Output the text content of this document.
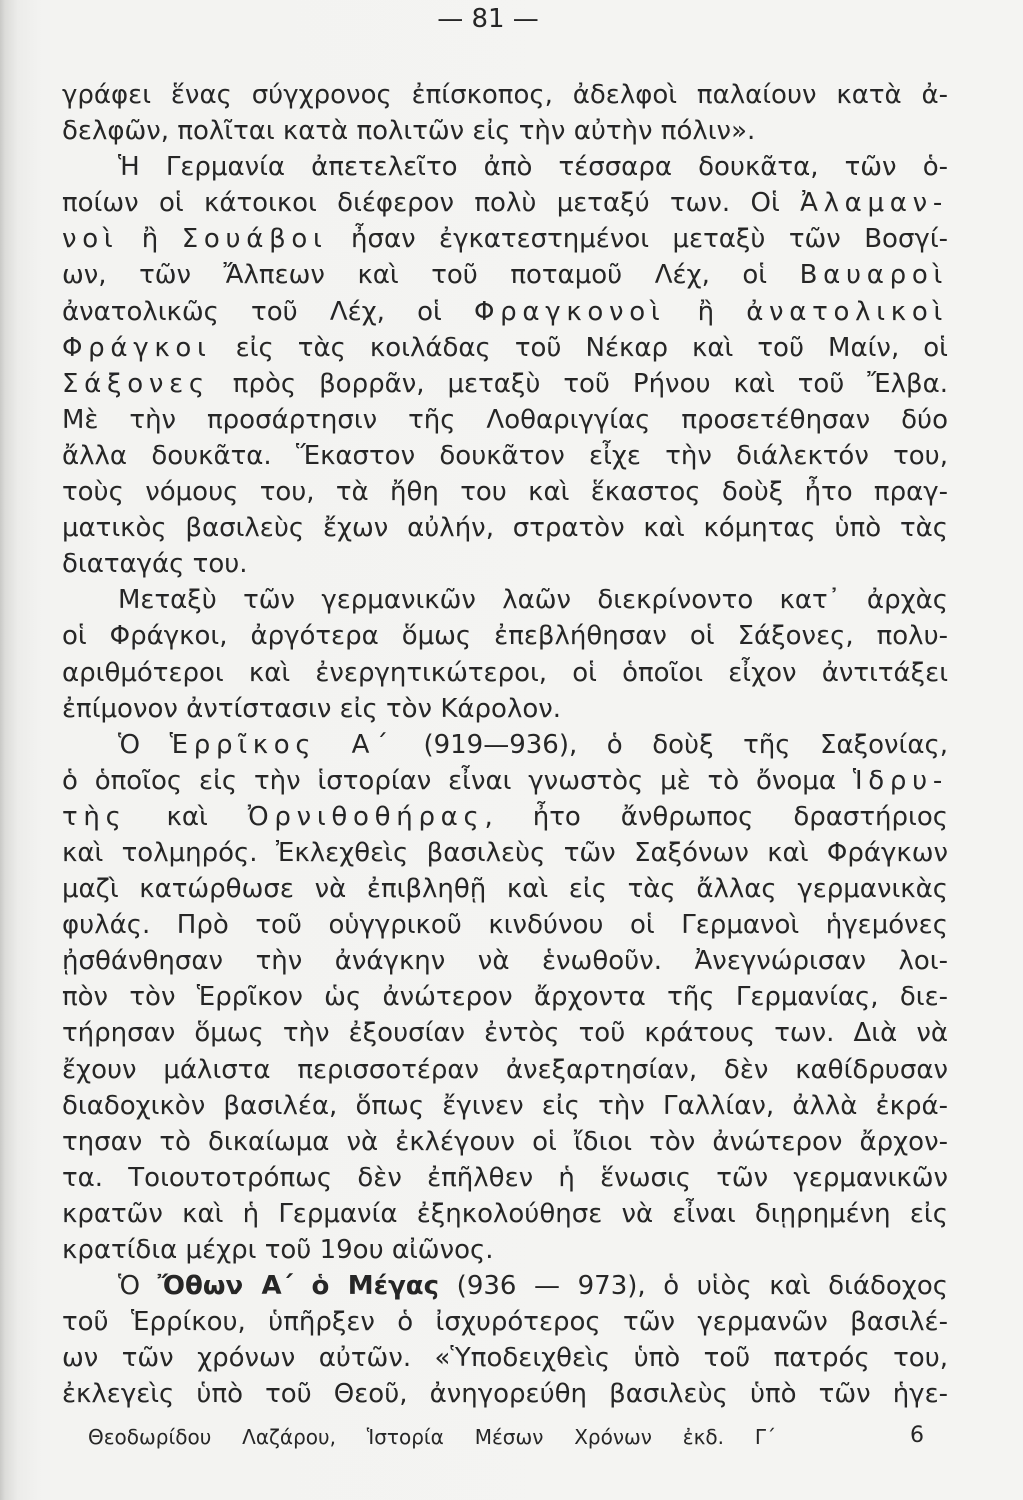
— 81 —
γράφει ἕνας σύγχρονος ἐπίσκοπος, ἀδελφοὶ παλαίουν κατὰ ἀ-
δελφῶν, πολῖται κατὰ πολιτῶν εἰς τὴν αὐτὴν πόλιν».
Ἡ Γερμανία ἀπετελεῖτο ἀπὸ τέσσαρα δουκᾶτα, τῶν ὁ-
ποίων οἱ κάτοικοι διέφερον πολὺ μεταξύ των. Οἱ Ἀλαμαν-
νοὶ ἢ Σουάβοι ἦσαν ἐγκατεστημένοι μεταξὺ τῶν Βοσγί-
ων, τῶν Ἄλπεων καὶ τοῦ ποταμοῦ Λέχ, οἱ Βαυαροὶ
ἀνατολικῶς τοῦ Λέχ, οἱ Φραγκονοὶ ἢ ἀνατολικοὶ
Φράγκοι εἰς τὰς κοιλάδας τοῦ Νέκαρ καὶ τοῦ Μαίν, οἱ
Σάξονες πρὸς βορρᾶν, μεταξὺ τοῦ Ρήνου καὶ τοῦ Ἔλβα.
Μὲ τὴν προσάρτησιν τῆς Λοθαριγγίας προσετέθησαν δύο
ἄλλα δουκᾶτα. Ἕκαστον δουκᾶτον εἶχε τὴν διάλεκτόν του,
τοὺς νόμους του, τὰ ἤθη του καὶ ἕκαστος δοὺξ ἦτο πραγ-
ματικὸς βασιλεὺς ἔχων αὐλήν, στρατὸν καὶ κόμητας ὑπὸ τὰς
διαταγάς του.
Μεταξὺ τῶν γερμανικῶν λαῶν διεκρίνοντο κατ᾿ ἀρχὰς
οἱ Φράγκοι, ἀργότερα ὅμως ἐπεβλήθησαν οἱ Σάξονες, πολυ-
αριθμότεροι καὶ ἐνεργητικώτεροι, οἱ ὁποῖοι εἶχον ἀντιτάξει
ἐπίμονον ἀντίστασιν εἰς τὸν Κάρολον.
Ὁ Ἑρρῖκος Α΄ (919—936), ὁ δοὺξ τῆς Σαξονίας,
ὁ ὁποῖος εἰς τὴν ἱστορίαν εἶναι γνωστὸς μὲ τὸ ὄνομα Ἱδρυ-
τὴς καὶ Ὀρνιθοθήρας, ἦτο ἄνθρωπος δραστήριος
καὶ τολμηρός. Ἐκλεχθεὶς βασιλεὺς τῶν Σαξόνων καὶ Φράγκων
μαζὶ κατώρθωσε νὰ ἐπιβληθῇ καὶ εἰς τὰς ἄλλας γερμανικὰς
φυλάς. Πρὸ τοῦ οὑγγρικοῦ κινδύνου οἱ Γερμανοὶ ἡγεμόνες
ᾐσθάνθησαν τὴν ἀνάγκην νὰ ἑνωθοῦν. Ἀνεγνώρισαν λοι-
πὸν τὸν Ἑρρῖκον ὡς ἀνώτερον ἄρχοντα τῆς Γερμανίας, διε-
τήρησαν ὅμως τὴν ἐξουσίαν ἐντὸς τοῦ κράτους των. Διὰ νὰ
ἔχουν μάλιστα περισσοτέραν ἀνεξαρτησίαν, δὲν καθίδρυσαν
διαδοχικὸν βασιλέα, ὅπως ἔγινεν εἰς τὴν Γαλλίαν, ἀλλὰ ἐκρά-
τησαν τὸ δικαίωμα νὰ ἐκλέγουν οἱ ἴδιοι τὸν ἀνώτερον ἄρχον-
τα. Τοιουτοτρόπως δὲν ἐπῆλθεν ἡ ἕνωσις τῶν γερμανικῶν
κρατῶν καὶ ἡ Γερμανία ἐξηκολούθησε νὰ εἶναι διῃρημένη εἰς
κρατίδια μέχρι τοῦ 19ου αἰῶνος.
Ὁ Ὄθων Α΄ ὁ Μέγας (936 — 973), ὁ υἱὸς καὶ διάδοχος
τοῦ Ἑρρίκου, ὑπῆρξεν ὁ ἰσχυρότερος τῶν γερμανῶν βασιλέ-
ων τῶν χρόνων αὐτῶν. «Ὑποδειχθεὶς ὑπὸ τοῦ πατρός του,
ἐκλεγεὶς ὑπὸ τοῦ Θεοῦ, ἀνηγορεύθη βασιλεὺς ὑπὸ τῶν ἡγε-
Θεοδωρίδου Λαζάρου, Ἱστορία Μέσων Χρόνων ἐκδ. Γ΄	6
